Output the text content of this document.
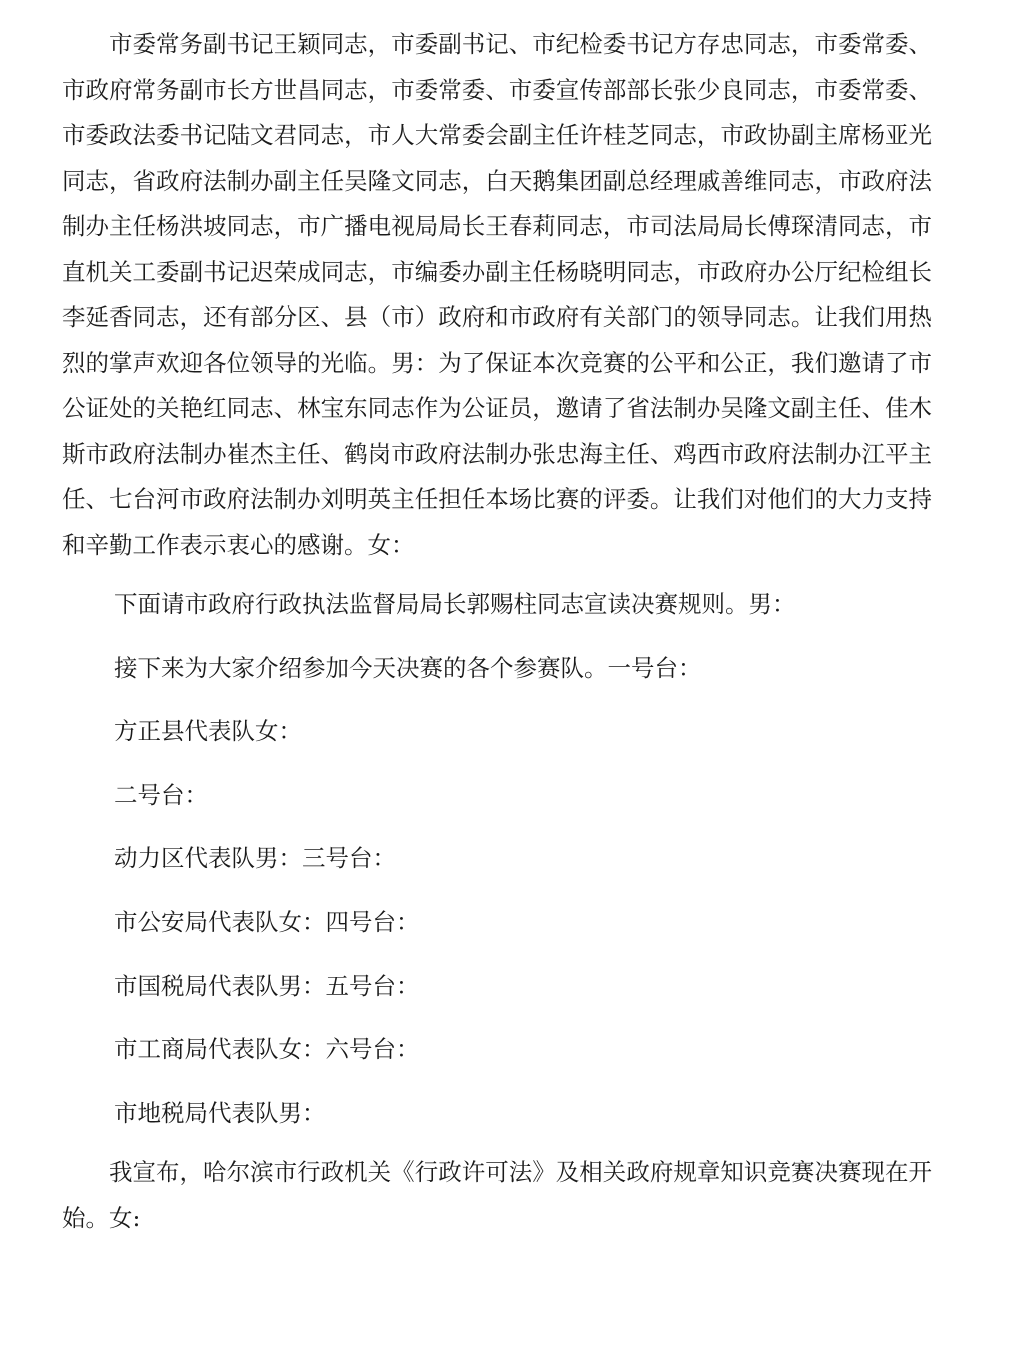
市委常务副书记王颖同志，市委副书记、市纪检委书记方存忠同志，市委常委、市政府常务副市长方世昌同志，市委常委、市委宣传部部长张少良同志，市委常委、市委政法委书记陆文君同志，市人大常委会副主任许桂芝同志，市政协副主席杨亚光同志，省政府法制办副主任吴隆文同志，白天鹅集团副总经理戚善维同志，市政府法制办主任杨洪坡同志，市广播电视局局长王春莉同志，市司法局局长傅琛清同志，市直机关工委副书记迟荣成同志，市编委办副主任杨晓明同志，市政府办公厅纪检组长李延香同志，还有部分区、县（市）政府和市政府有关部门的领导同志。让我们用热烈的掌声欢迎各位领导的光临。男：为了保证本次竞赛的公平和公正，我们邀请了市公证处的关艳红同志、林宝东同志作为公证员，邀请了省法制办吴隆文副主任、佳木斯市政府法制办崔杰主任、鹤岗市政府法制办张忠海主任、鸡西市政府法制办江平主任、七台河市政府法制办刘明英主任担任本场比赛的评委。让我们对他们的大力支持和辛勤工作表示衷心的感谢。女：

下面请市政府行政执法监督局局长郭赐柱同志宣读决赛规则。男：

接下来为大家介绍参加今天决赛的各个参赛队。一号台：

方正县代表队女：

二号台：

动力区代表队男：三号台：

市公安局代表队女：四号台：

市国税局代表队男：五号台：

市工商局代表队女：六号台：

市地税局代表队男：

我宣布，哈尔滨市行政机关《行政许可法》及相关政府规章知识竞赛决赛现在开始。女:
